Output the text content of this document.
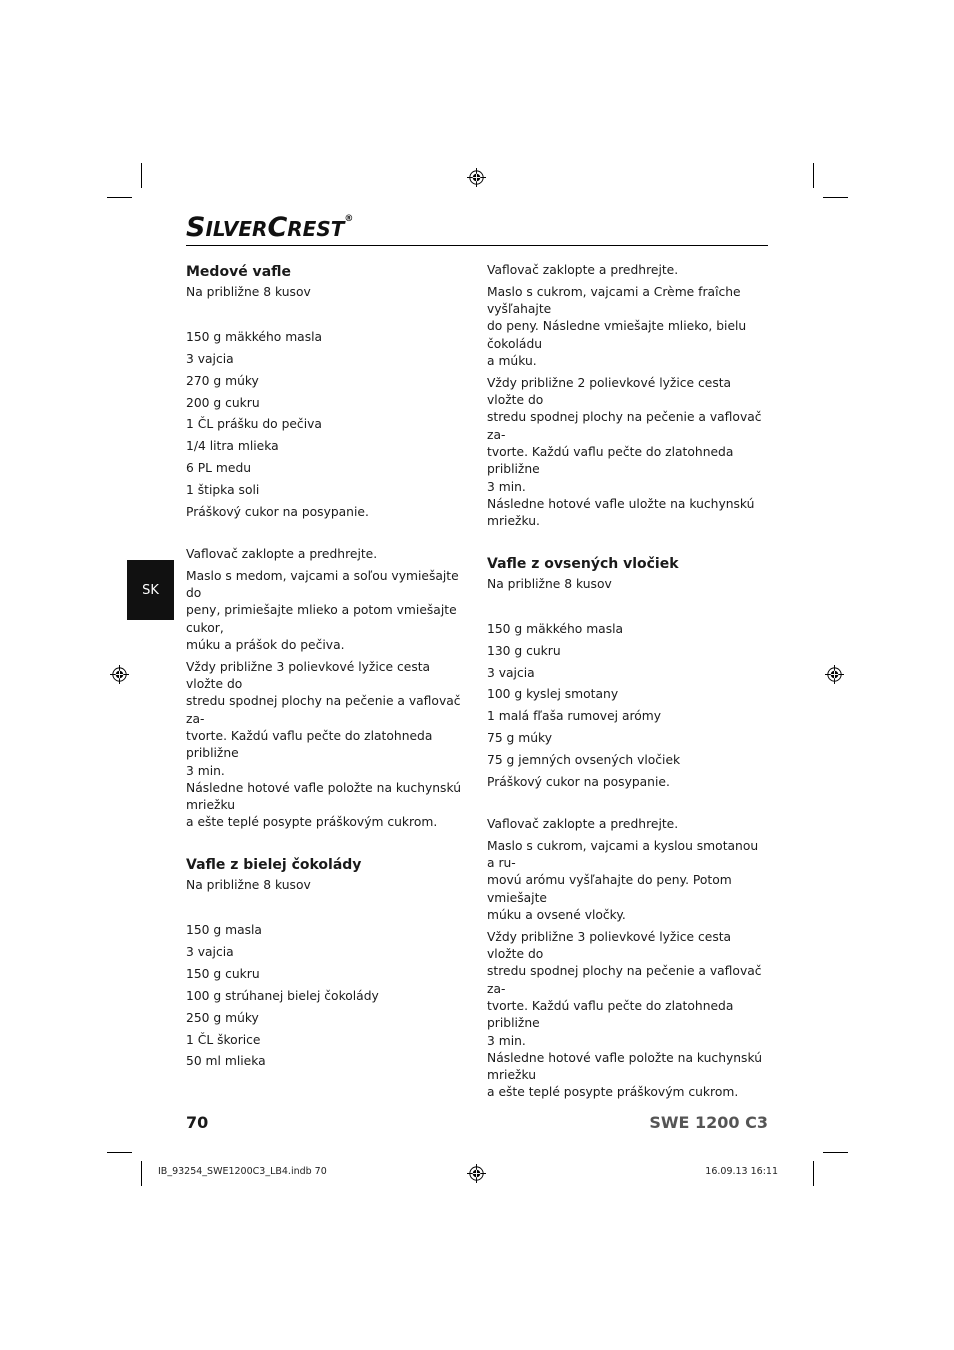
SILVERCREST®
SK
Medové vafle
Na približne 8 kusov
150 g mäkkého masla
3 vajcia
270 g múky
200 g cukru
1 ČL prášku do pečiva
1/4 litra mlieka
6 PL medu
1 štipka soli
Práškový cukor na posypanie.
Vaflovač zaklopte a predhrejte.
Maslo s medom, vajcami a soľou vymiešajte do
peny, primiešajte mlieko a potom vmiešajte cukor,
múku a prášok do pečiva.
Vždy približne 3 polievkové lyžice cesta vložte do
stredu spodnej plochy na pečenie a vaflovač za-
tvorte. Každú vaflu pečte do zlatohneda približne
3 min.
Následne hotové vafle položte na kuchynskú mriežku
a ešte teplé posypte práškovým cukrom.
Vafle z bielej čokolády
Na približne 8 kusov
150 g masla
3 vajcia
150 g cukru
100 g strúhanej bielej čokolády
250 g múky
1 ČL škorice
50 ml mlieka
Vaflovač zaklopte a predhrejte.
Maslo s cukrom, vajcami a Crème fraîche vyšľahajte
do peny. Následne vmiešajte mlieko, bielu čokoládu
a múku.
Vždy približne 2 polievkové lyžice cesta vložte do
stredu spodnej plochy na pečenie a vaflovač za-
tvorte. Každú vaflu pečte do zlatohneda približne
3 min.
Následne hotové vafle uložte na kuchynskú
mriežku.
Vafle z ovsených vločiek
Na približne 8 kusov
150 g mäkkého masla
130 g cukru
3 vajcia
100 g kyslej smotany
1 malá fľaša rumovej arómy
75 g múky
75 g jemných ovsených vločiek
Práškový cukor na posypanie.
Vaflovač zaklopte a predhrejte.
Maslo s cukrom, vajcami a kyslou smotanou a ru-
movú arómu vyšľahajte do peny. Potom vmiešajte
múku a ovsené vločky.
Vždy približne 3 polievkové lyžice cesta vložte do
stredu spodnej plochy na pečenie a vaflovač za-
tvorte. Každú vaflu pečte do zlatohneda približne
3 min.
Následne hotové vafle položte na kuchynskú mriežku
a ešte teplé posypte práškovým cukrom.
70	SWE 1200 C3
IB_93254_SWE1200C3_LB4.indb 70	16.09.13 16:11
